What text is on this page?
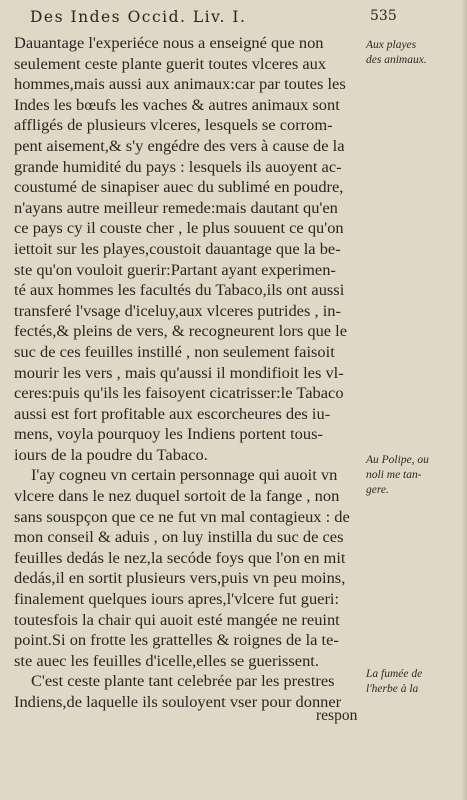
Des Indes Occid. Liv. I.	535
Dauantage l'experiéce nous a enseigné que non
seulement ceste plante guerit toutes vlceres aux
hommes,mais aussi aux animaux:car par toutes les
Indes les bœufs les vaches & autres animaux sont
affligés de plusieurs vlceres, lesquels se corrom-
pent aisement,& s'y engédre des vers à cause de la
grande humidité du pays : lesquels ils auoyent ac-
coustumé de sinapiser auec du sublimé en poudre,
n'ayans autre meilleur remede:mais dautant qu'en
ce pays cy il couste cher , le plus souuent ce qu'on
iettoit sur les playes,coustoit dauantage que la be-
ste qu'on vouloit guerir:Partant ayant experimen-
té aux hommes les facultés du Tabaco,ils ont aussi
transferé l'vsage d'iceluy,aux vlceres putrides , in-
fectés,& pleins de vers, & recogneurent lors que le
suc de ces feuilles instillé , non seulement faisoit
mourir les vers , mais qu'aussi il mondifioit les vl-
ceres:puis qu'ils les faisoyent cicatrisser:le Tabaco
aussi est fort profitable aux escorcheures des iu-
mens, voyla pourquoy les Indiens portent tous-
iours de la poudre du Tabaco.
I'ay cogneu vn certain personnage qui auoit vn
vlcere dans le nez duquel sortoit de la fange , non
sans souspçon que ce ne fut vn mal contagieux : de
mon conseil & aduis , on luy instilla du suc de ces
feuilles dedás le nez,la secóde foys que l'on en mit
dedás,il en sortit plusieurs vers,puis vn peu moins,
finalement quelques iours apres,l'vlcere fut gueri:
toutesfois la chair qui auoit esté mangée ne reuint
point.Si on frotte les grattelles & roignes de la te-
ste auec les feuilles d'icelle,elles se guerissent.
C'est ceste plante tant celebrée par les prestres
Indiens,de laquelle ils souloyent vser pour donner
respon
Aux playes
des animaux.
Au Polipe, ou
noli me tan-
gere.
La fumée de
l'herbe à la
